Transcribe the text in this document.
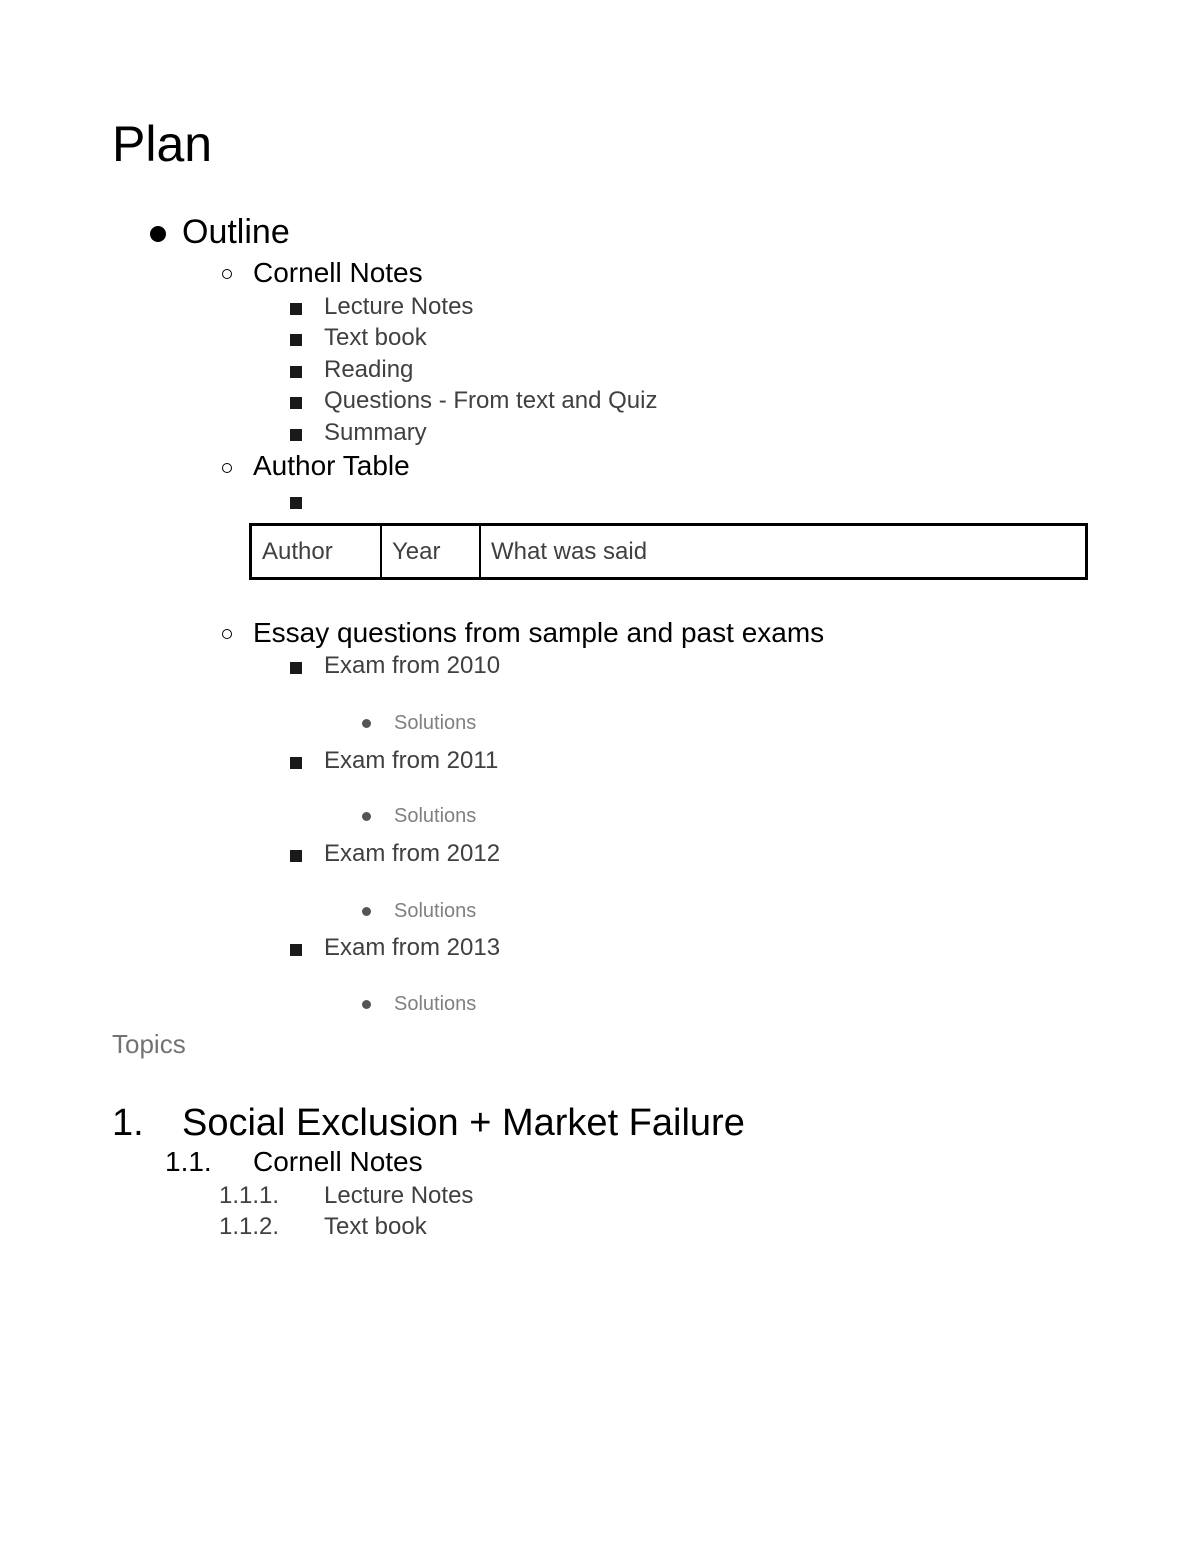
Plan
Outline
Cornell Notes
Lecture Notes
Text book
Reading
Questions - From text and Quiz
Summary
Author Table
Author	Year	What was said
Essay questions from sample and past exams
Exam from 2010
Solutions
Exam from 2011
Solutions
Exam from 2012
Solutions
Exam from 2013
Solutions
Topics
1. Social Exclusion + Market Failure
1.1. Cornell Notes
1.1.1. Lecture Notes
1.1.2. Text book
